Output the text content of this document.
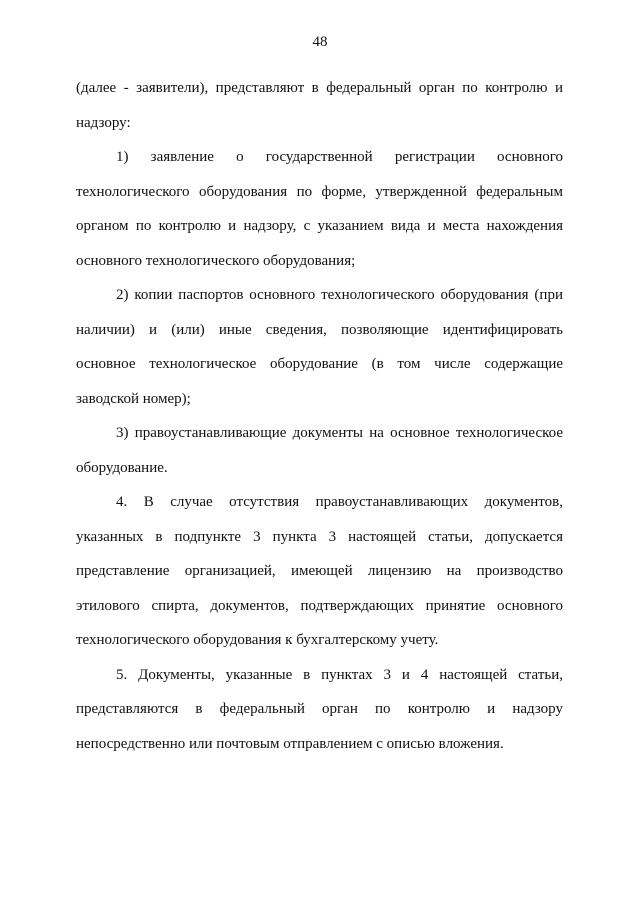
48
(далее - заявители), представляют в федеральный орган по контролю и
надзору:
1) заявление о государственной регистрации основного
технологического оборудования по форме, утвержденной федеральным
органом по контролю и надзору, с указанием вида и места нахождения
основного технологического оборудования;
2) копии паспортов основного технологического оборудования (при
наличии) и (или) иные сведения, позволяющие идентифицировать
основное технологическое оборудование (в том числе содержащие
заводской номер);
3) правоустанавливающие документы на основное технологическое
оборудование.
4. В случае отсутствия правоустанавливающих документов,
указанных в подпункте 3 пункта 3 настоящей статьи, допускается
представление организацией, имеющей лицензию на производство
этилового спирта, документов, подтверждающих принятие основного
технологического оборудования к бухгалтерскому учету.
5. Документы, указанные в пунктах 3 и 4 настоящей статьи,
представляются в федеральный орган по контролю и надзору
непосредственно или почтовым отправлением с описью вложения.
